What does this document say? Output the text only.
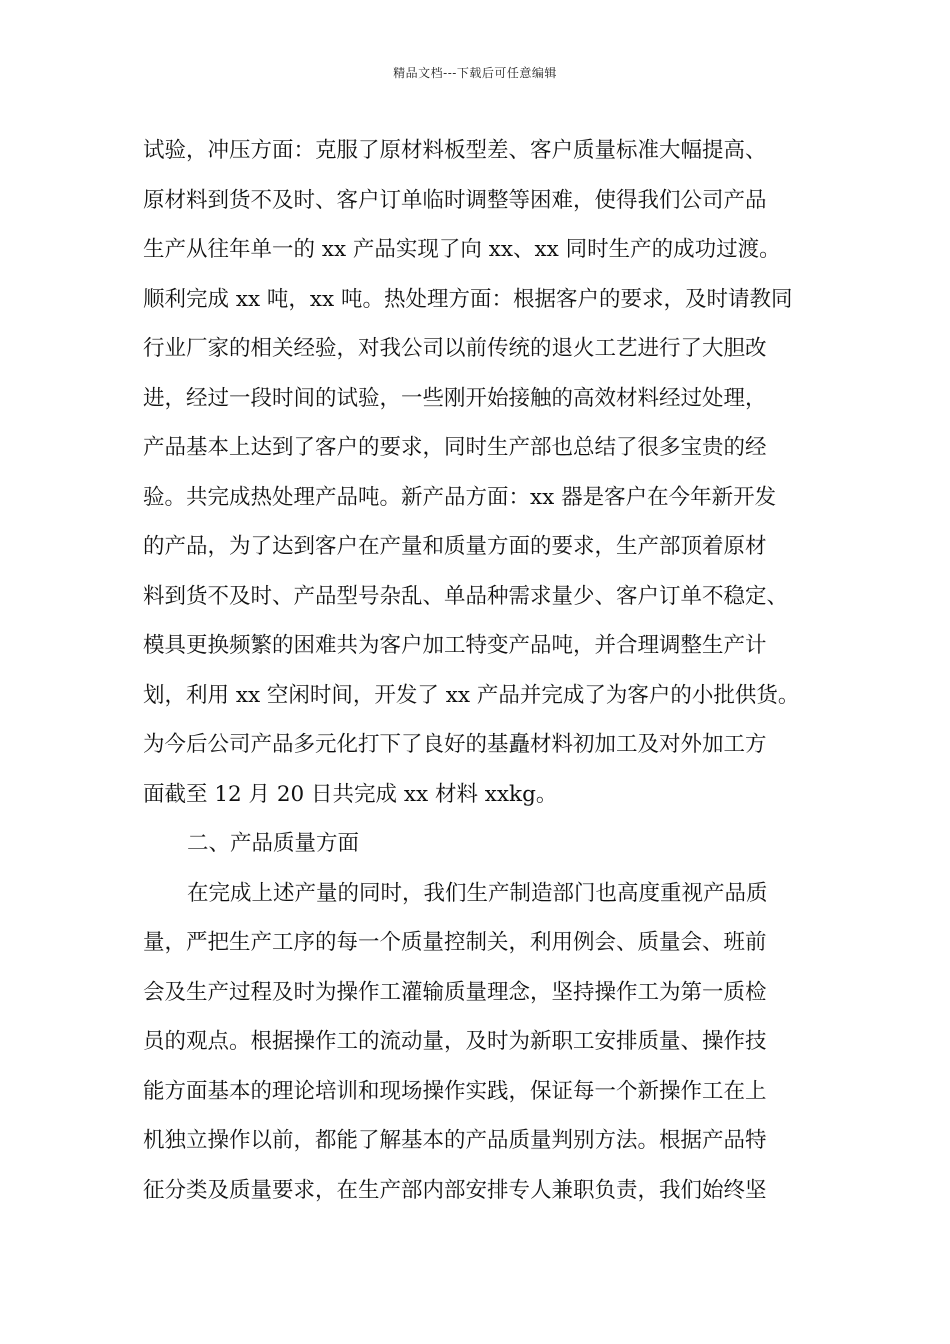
精品文档---下载后可任意编辑
试验，冲压方面：克服了原材料板型差、客户质量标准大幅提高、
原材料到货不及时、客户订单临时调整等困难，使得我们公司产品
生产从往年单一的 xx 产品实现了向 xx、xx 同时生产的成功过渡。
顺利完成 xx 吨，xx 吨。热处理方面：根据客户的要求，及时请教同
行业厂家的相关经验，对我公司以前传统的退火工艺进行了大胆改
进，经过一段时间的试验，一些刚开始接触的高效材料经过处理，
产品基本上达到了客户的要求，同时生产部也总结了很多宝贵的经
验。共完成热处理产品吨。新产品方面：xx 器是客户在今年新开发
的产品，为了达到客户在产量和质量方面的要求，生产部顶着原材
料到货不及时、产品型号杂乱、单品种需求量少、客户订单不稳定、
模具更换频繁的困难共为客户加工特变产品吨，并合理调整生产计
划，利用 xx 空闲时间，开发了 xx 产品并完成了为客户的小批供货。
为今后公司产品多元化打下了良好的基矗材料初加工及对外加工方
面截至 12 月 20 日共完成 xx 材料 xxkg。
二、产品质量方面
在完成上述产量的同时，我们生产制造部门也高度重视产品质
量，严把生产工序的每一个质量控制关，利用例会、质量会、班前
会及生产过程及时为操作工灌输质量理念，坚持操作工为第一质检
员的观点。根据操作工的流动量，及时为新职工安排质量、操作技
能方面基本的理论培训和现场操作实践，保证每一个新操作工在上
机独立操作以前，都能了解基本的产品质量判别方法。根据产品特
征分类及质量要求，在生产部内部安排专人兼职负责，我们始终坚
